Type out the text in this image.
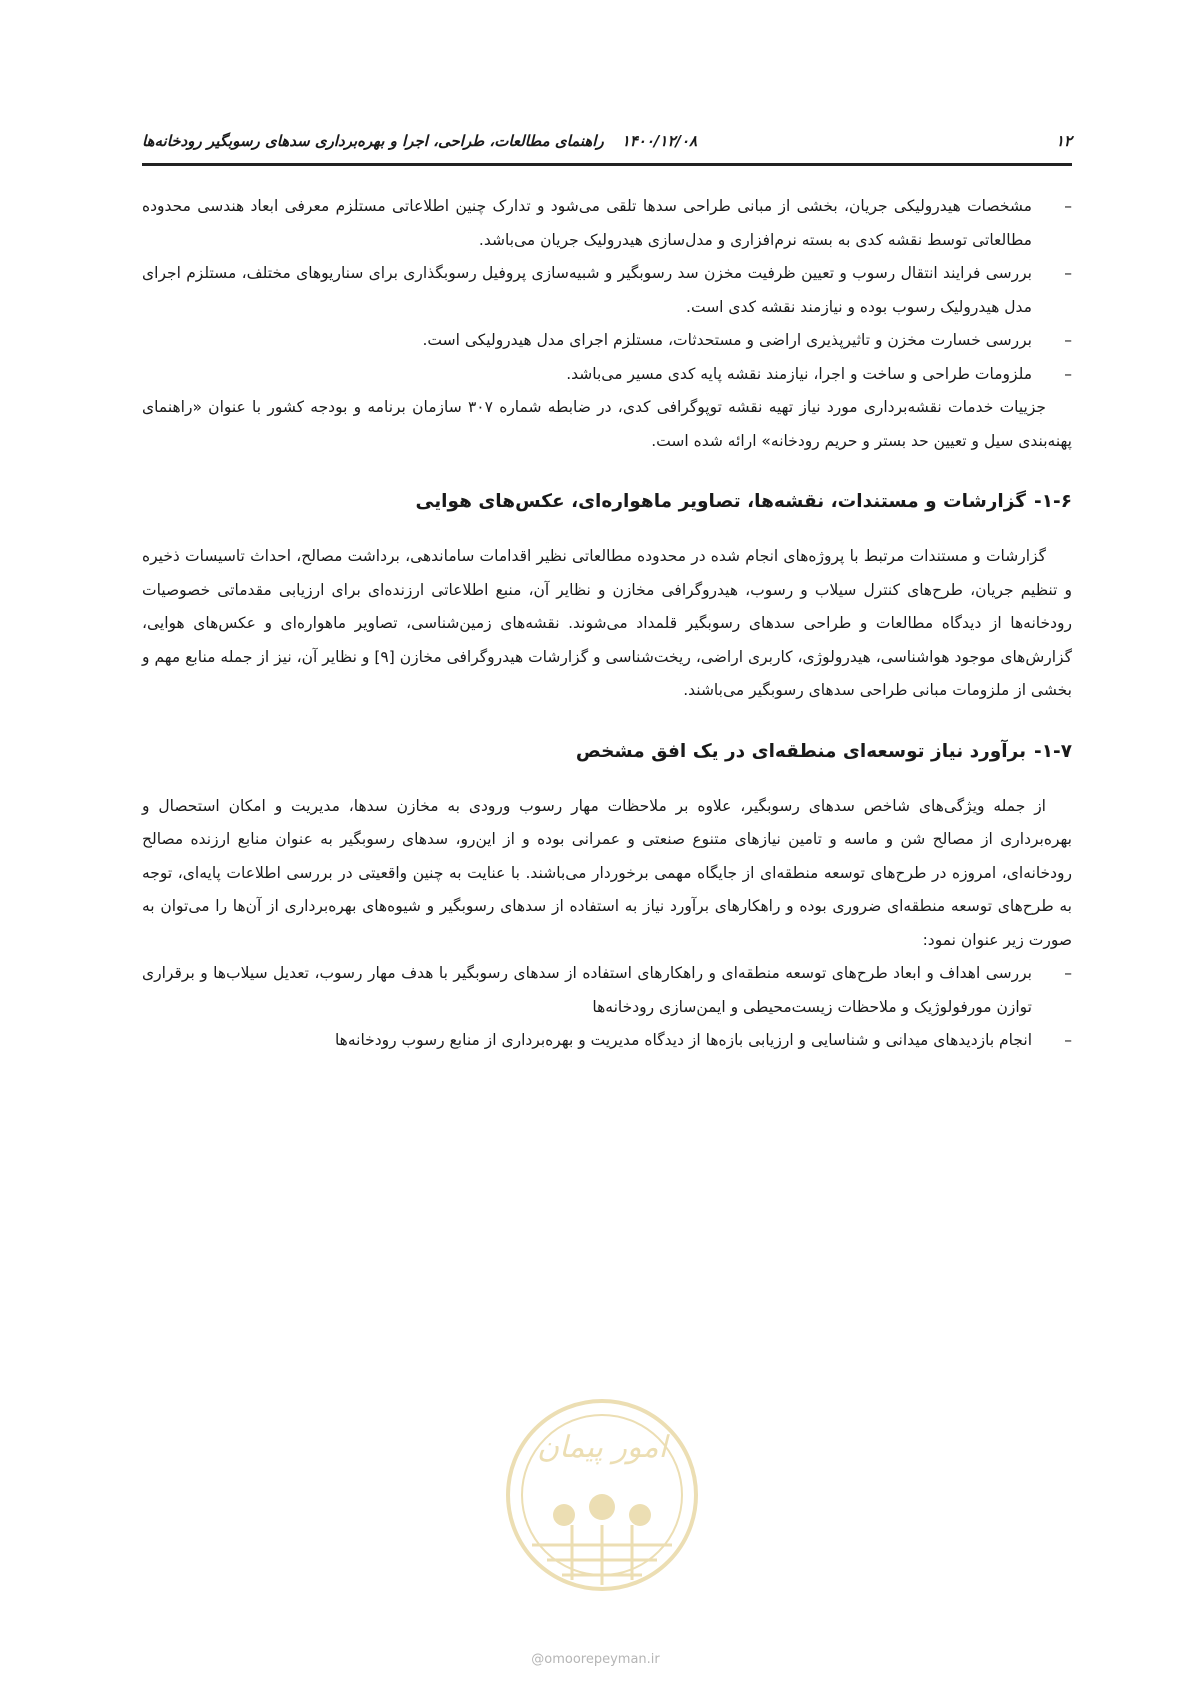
۱۲
۱۴۰۰/۱۲/۰۸راهنمای مطالعات، طراحی، اجرا و بهره‌برداری سدهای رسوبگیر رودخانه‌ها
–
مشخصات هیدرولیکی جریان، بخشی از مبانی طراحی سدها تلقی می‌شود و تدارک چنین اطلاعاتی مستلزم معرفی ابعاد هندسی محدوده مطالعاتی توسط نقشه کدی به بسته نرم‌افزاری و مدل‌سازی هیدرولیک جریان می‌باشد.
–
بررسی فرایند انتقال رسوب و تعیین ظرفیت مخزن سد رسوبگیر و شبیه‌سازی پروفیل رسوبگذاری برای سناریوهای مختلف، مستلزم اجرای مدل هیدرولیک رسوب بوده و نیازمند نقشه کدی است.
–
بررسی خسارت مخزن و تاثیرپذیری اراضی و مستحدثات، مستلزم اجرای مدل هیدرولیکی است.
–
ملزومات طراحی و ساخت و اجرا، نیازمند نقشه پایه کدی مسیر می‌باشد.

جزییات خدمات نقشه‌برداری مورد نیاز تهیه نقشه توپوگرافی کدی، در ضابطه شماره ۳۰۷ سازمان برنامه و بودجه کشور با عنوان «راهنمای پهنه‌بندی سیل و تعیین حد بستر و حریم رودخانه» ارائه شده است.

۱-۶-گزارشات و مستندات، نقشه‌ها، تصاویر ماهواره‌ای، عکس‌های هوایی

گزارشات و مستندات مرتبط با پروژه‌های انجام شده در محدوده مطالعاتی نظیر اقدامات ساماندهی، برداشت مصالح، احداث تاسیسات ذخیره و تنظیم جریان، طرح‌های کنترل سیلاب و رسوب، هیدروگرافی مخازن و نظایر آن، منبع اطلاعاتی ارزنده‌ای برای ارزیابی مقدماتی خصوصیات رودخانه‌ها از دیدگاه مطالعات و طراحی سدهای رسوبگیر قلمداد می‌شوند. نقشه‌های زمین‌شناسی، تصاویر ماهواره‌ای و عکس‌های هوایی، گزارش‌های موجود هواشناسی، هیدرولوژی، کاربری اراضی، ریخت‌شناسی و گزارشات هیدروگرافی مخازن [۹] و نظایر آن، نیز از جمله منابع مهم و بخشی از ملزومات مبانی طراحی سدهای رسوبگیر می‌باشند.

۱-۷-برآورد نیاز توسعه‌ای منطقه‌ای در یک افق مشخص

از جمله ویژگی‌های شاخص سدهای رسوبگیر، علاوه بر ملاحظات مهار رسوب ورودی به مخازن سدها، مدیریت و امکان استحصال و بهره‌برداری از مصالح شن و ماسه و تامین نیازهای متنوع صنعتی و عمرانی بوده و از این‌رو، سدهای رسوبگیر به عنوان منابع ارزنده مصالح رودخانه‌ای، امروزه در طرح‌های توسعه منطقه‌ای از جایگاه مهمی برخوردار می‌باشند. با عنایت به چنین واقعیتی در بررسی اطلاعات پایه‌ای، توجه به طرح‌های توسعه منطقه‌ای ضروری بوده و راهکارهای برآورد نیاز به استفاده از سدهای رسوبگیر و شیوه‌های بهره‌برداری از آن‌ها را می‌توان به صورت زیر عنوان نمود:

–
بررسی اهداف و ابعاد طرح‌های توسعه منطقه‌ای و راهکارهای استفاده از سدهای رسوبگیر با هدف مهار رسوب، تعدیل سیلاب‌ها و برقراری توازن مورفولوژیک و ملاحظات زیست‌محیطی و ایمن‌سازی رودخانه‌ها
–
انجام بازدیدهای میدانی و شناسایی و ارزیابی بازه‌ها از دیدگاه مدیریت و بهره‌برداری از منابع رسوب رودخانه‌ها
امور پیمان
@omoorepeyman.ir
